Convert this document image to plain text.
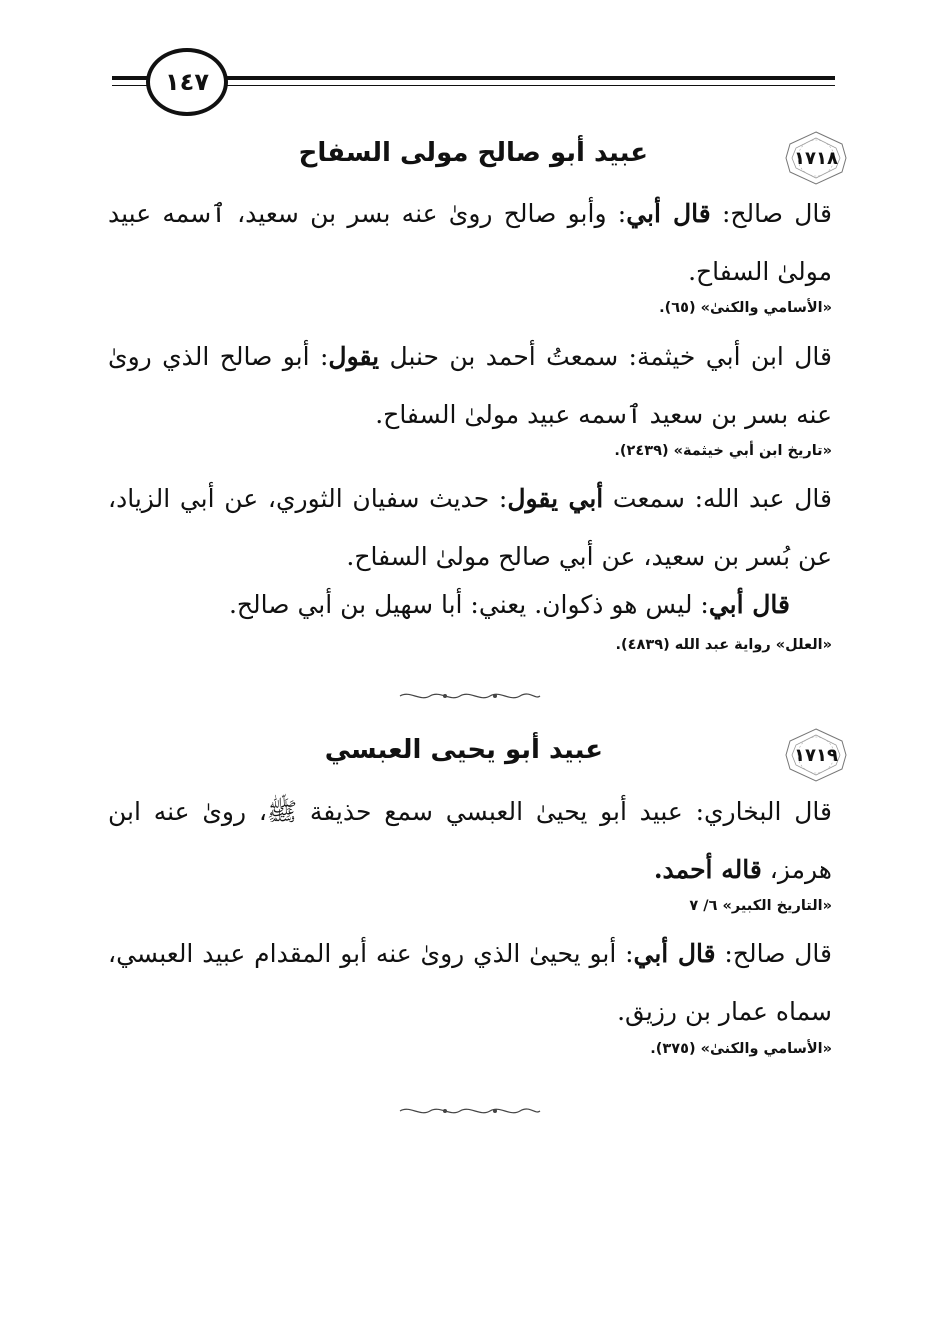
١٤٧
١٧١٨
عبيد أبو صالح مولى السفاح
قال صالح: قال أبي: وأبو صالح روىٰ عنه بسر بن سعيد، ٱسمه عبيد مولىٰ السفاح.
«الأسامي والكنىٰ» (٦٥).
قال ابن أبي خيثمة: سمعتُ أحمد بن حنبل يقول: أبو صالح الذي روىٰ عنه بسر بن سعيد ٱسمه عبيد مولىٰ السفاح.
«تاريخ ابن أبي خيثمة» (٢٤٣٩).
قال عبد الله: سمعت أبي يقول: حديث سفيان الثوري، عن أبي الزياد، عن بُسر بن سعيد، عن أبي صالح مولىٰ السفاح.
قال أبي: ليس هو ذكوان. يعني: أبا سهيل بن أبي صالح.
«العلل» رواية عبد الله (٤٨٣٩).
١٧١٩
عبيد أبو يحيى العبسي
قال البخاري: عبيد أبو يحيىٰ العبسي سمع حذيفة ﷺ، روىٰ عنه ابن هرمز، قاله أحمد.
«التاريخ الكبير» ٦/ ٧
قال صالح: قال أبي: أبو يحيىٰ الذي روىٰ عنه أبو المقدام عبيد العبسي، سماه عمار بن رزيق.
«الأسامي والكنىٰ» (٣٧٥).
